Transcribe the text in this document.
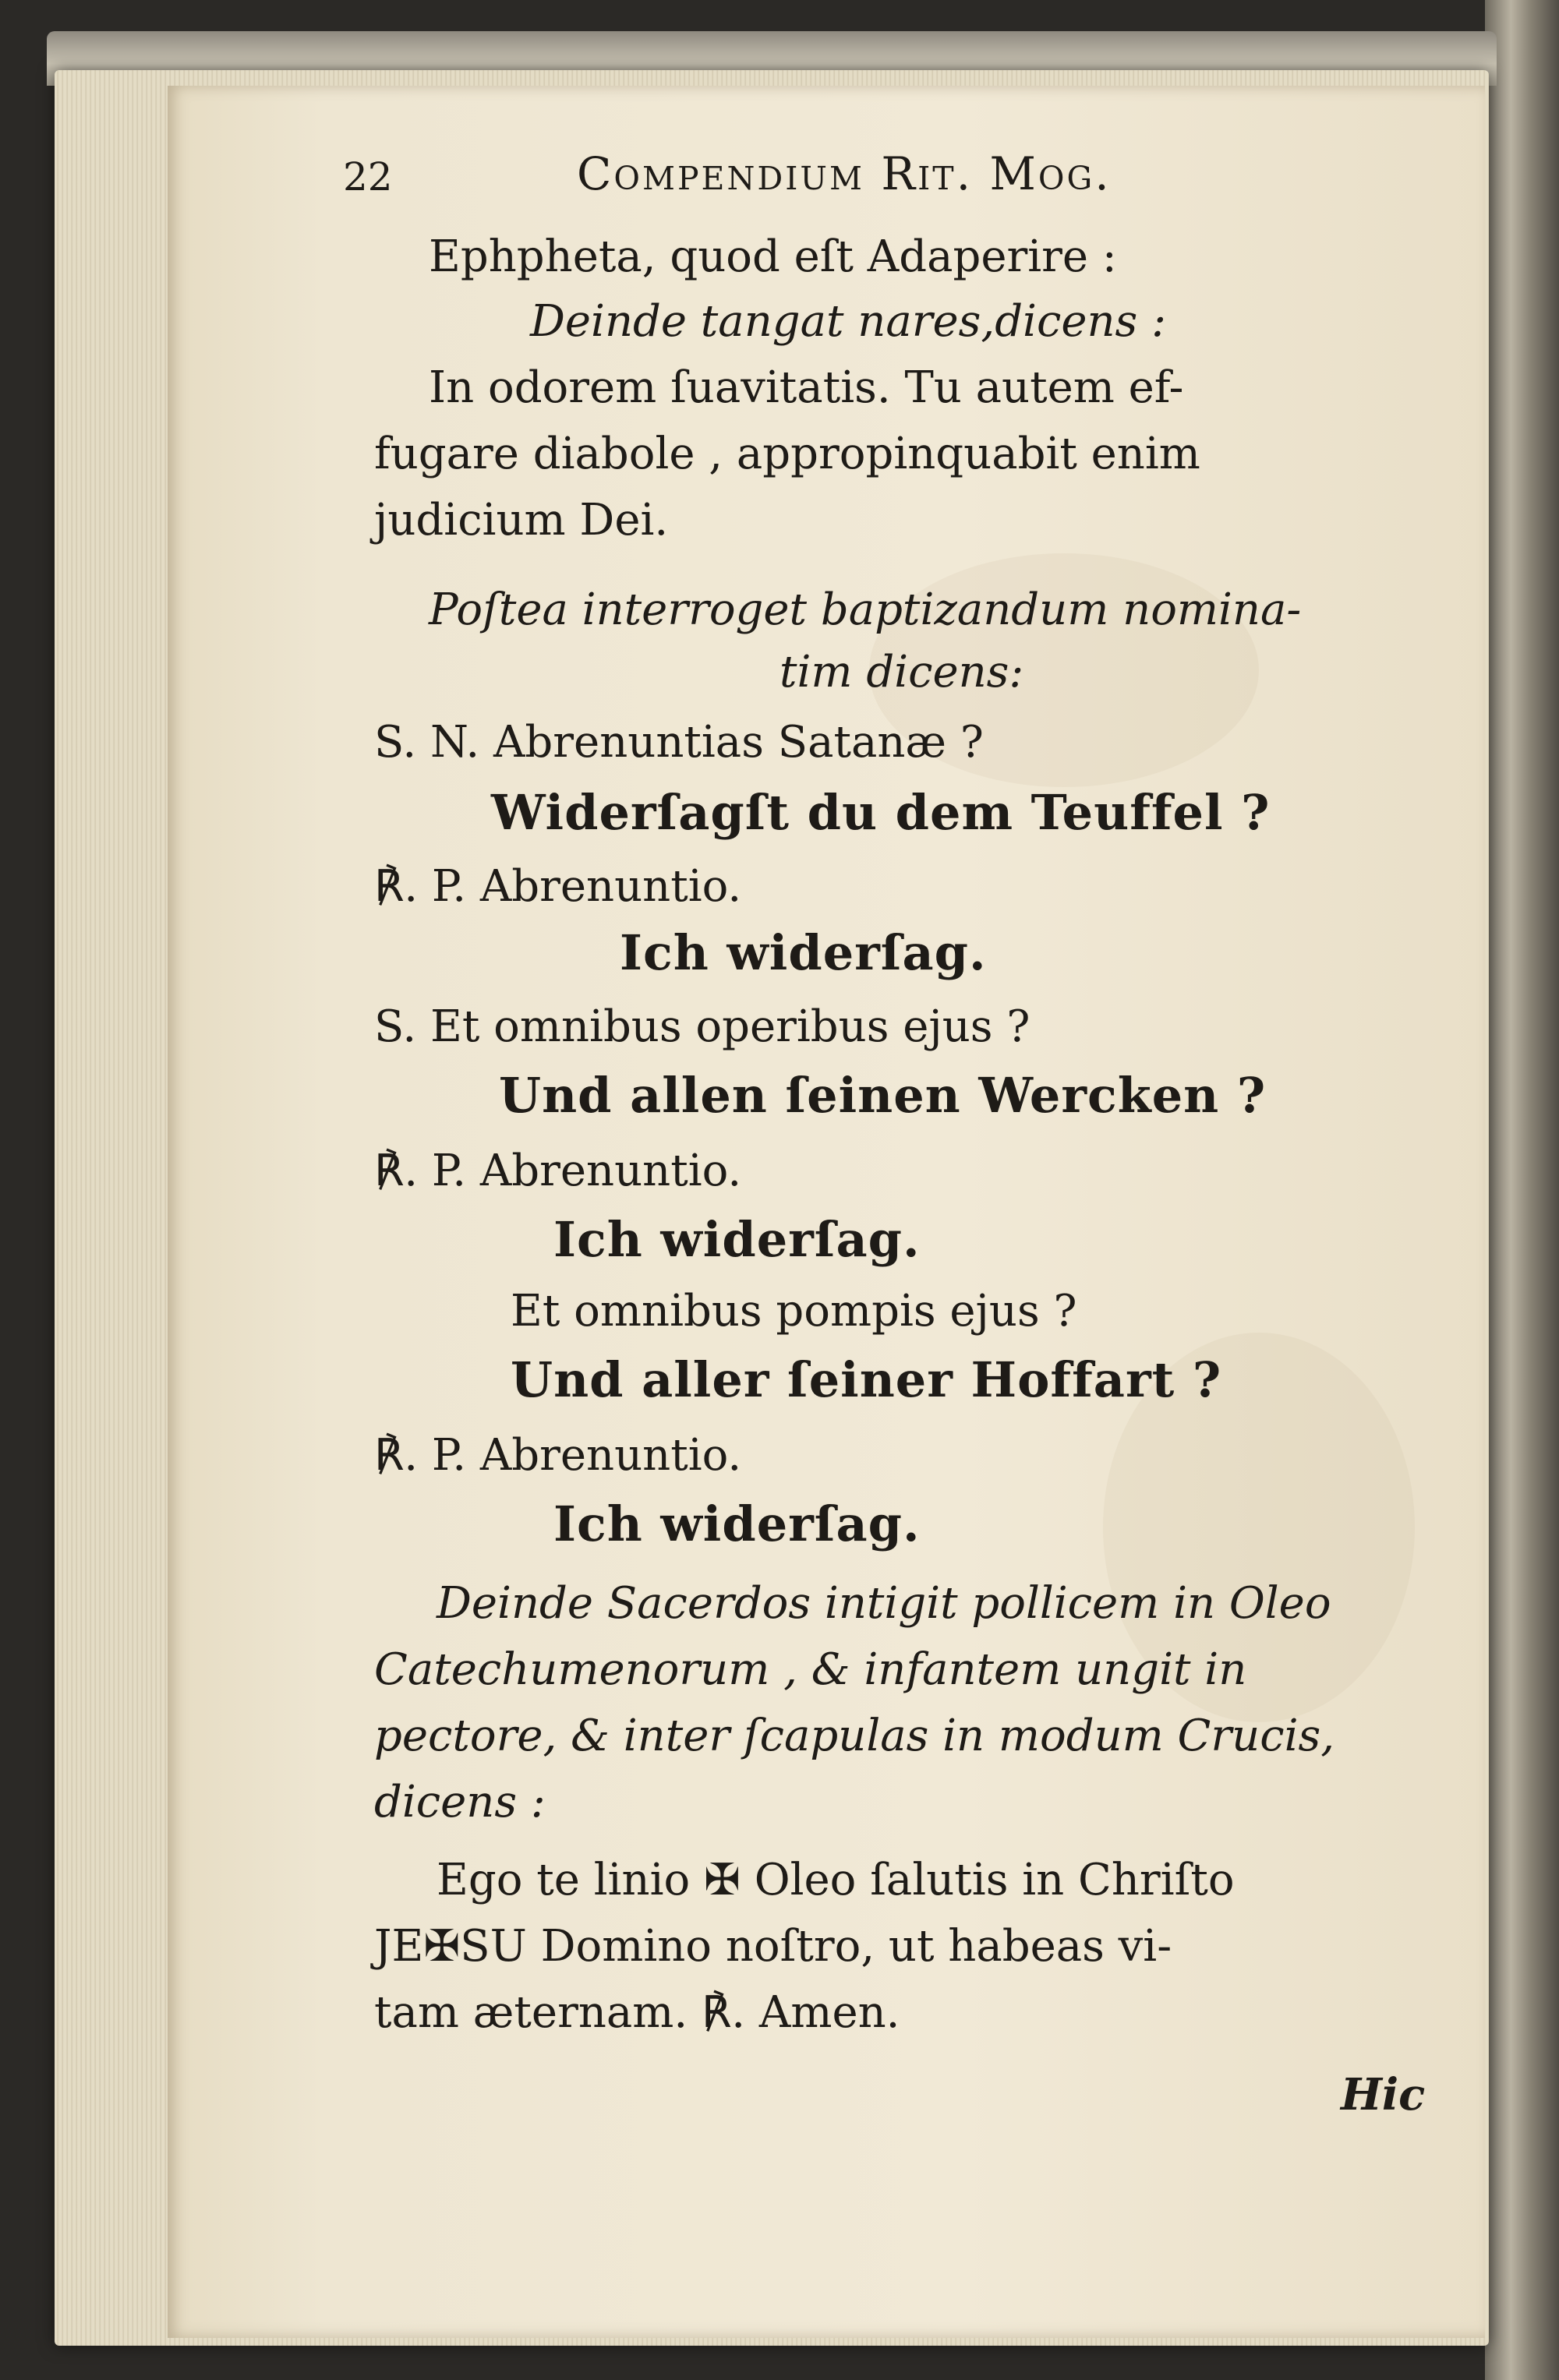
22	Compendium Rit. Mog.
Ephpheta, quod eſt Adaperire :
Deinde tangat nares,dicens :
In odorem ſuavitatis. Tu autem ef-
fugare diabole , appropinquabit enim
judicium Dei.
Poſtea interroget baptizandum nomina-
tim dicens:
S. N. Abrenuntias Satanæ ?
Widerſagſt du dem Teuffel ?
℟. P. Abrenuntio.
Ich widerſag.
S. Et omnibus operibus ejus ?
Und allen ſeinen Wercken ?
℟. P. Abrenuntio.
Ich widerſag.
Et omnibus pompis ejus ?
Und aller ſeiner Hoffart ?
℟. P. Abrenuntio.
Ich widerſag.
Deinde Sacerdos intigit pollicem in Oleo
Catechumenorum , & infantem ungit in
pectore, & inter ſcapulas in modum Crucis,
dicens :
Ego te linio ✠ Oleo ſalutis in Chriſto
JE✠SU Domino noſtro, ut habeas vi-
tam æternam. ℟. Amen.
Hic
